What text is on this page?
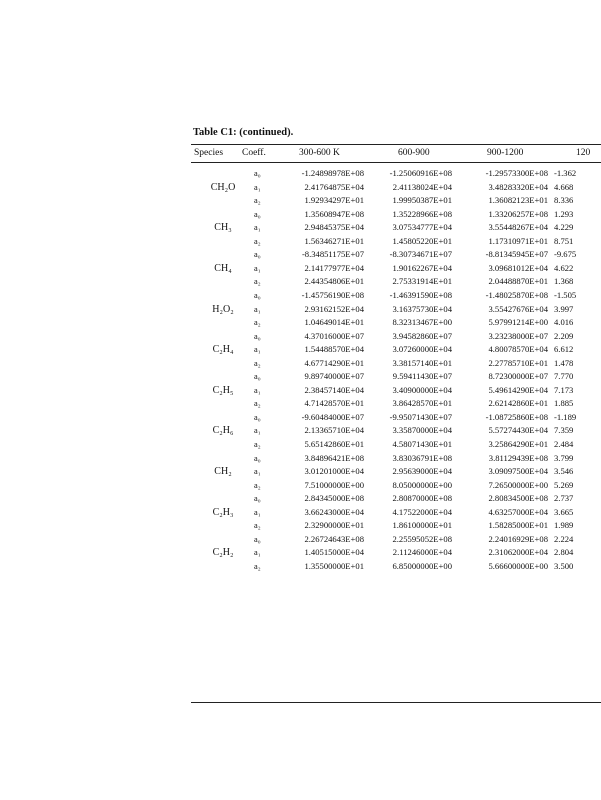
Table C1: (continued).
Species Coeff.	300-600 K	600-900	900-1200	120
CH₂O
a₀	-1.24898978E+08	-1.25060916E+08	-1.29573300E+08 -1.362
a₁	2.41764875E+04	2.41138024E+04	3.48283320E+04 4.668
a₂	1.92934297E+01	1.99950387E+01	1.36082123E+01 8.336
CH₃
a₀	1.35608947E+08	1.35228966E+08	1.33206257E+08 1.293
a₁	2.94845375E+04	3.07534777E+04	3.55448267E+04 4.229
a₂	1.56346271E+01	1.45805220E+01	1.17310971E+01 8.751
CH₄
a₀	-8.34851175E+07	-8.30734671E+07	-8.81345945E+07 -9.675
a₁	2.14177977E+04	1.90162267E+04	3.09681012E+04 4.622
a₂	2.44354806E+01	2.75331914E+01	2.04488870E+01 1.368
H₂O₂
a₀	-1.45756190E+08	-1.46391590E+08	-1.48025870E+08 -1.505
a₁	2.93162152E+04	3.16375730E+04	3.55427676E+04 3.997
a₂	1.04649014E+01	8.32313467E+00	5.97991214E+00 4.016
C₂H₄
a₀	4.37016000E+07	3.94582860E+07	3.23238000E+07 2.209
a₁	1.54488570E+04	3.07260000E+04	4.80078570E+04 6.612
a₂	4.67714290E+01	3.38157140E+01	2.27785710E+01 1.478
C₂H₅
a₀	9.89740000E+07	9.59411430E+07	8.72300000E+07 7.770
a₁	2.38457140E+04	3.40900000E+04	5.49614290E+04 7.173
a₂	4.71428570E+01	3.86428570E+01	2.62142860E+01 1.885
C₂H₆
a₀	-9.60484000E+07	-9.95071430E+07	-1.08725860E+08 -1.189
a₁	2.13365710E+04	3.35870000E+04	5.57274430E+04 7.359
a₂	5.65142860E+01	4.58071430E+01	3.25864290E+01 2.484
CH₂
a₀	3.84896421E+08	3.83036791E+08	3.81129439E+08 3.799
a₁	3.01201000E+04	2.95639000E+04	3.09097500E+04 3.546
a₂	7.51000000E+00	8.05000000E+00	7.26500000E+00 5.269
C₂H₃
a₀	2.84345000E+08	2.80870000E+08	2.80834500E+08 2.737
a₁	3.66243000E+04	4.17522000E+04	4.63257000E+04 3.665
a₂	2.32900000E+01	1.86100000E+01	1.58285000E+01 1.989
C₂H₂
a₀	2.26724643E+08	2.25595052E+08	2.24016929E+08 2.224
a₁	1.40515000E+04	2.11246000E+04	2.31062000E+04 2.804
a₂	1.35500000E+01	6.85000000E+00	5.66600000E+00 3.500
